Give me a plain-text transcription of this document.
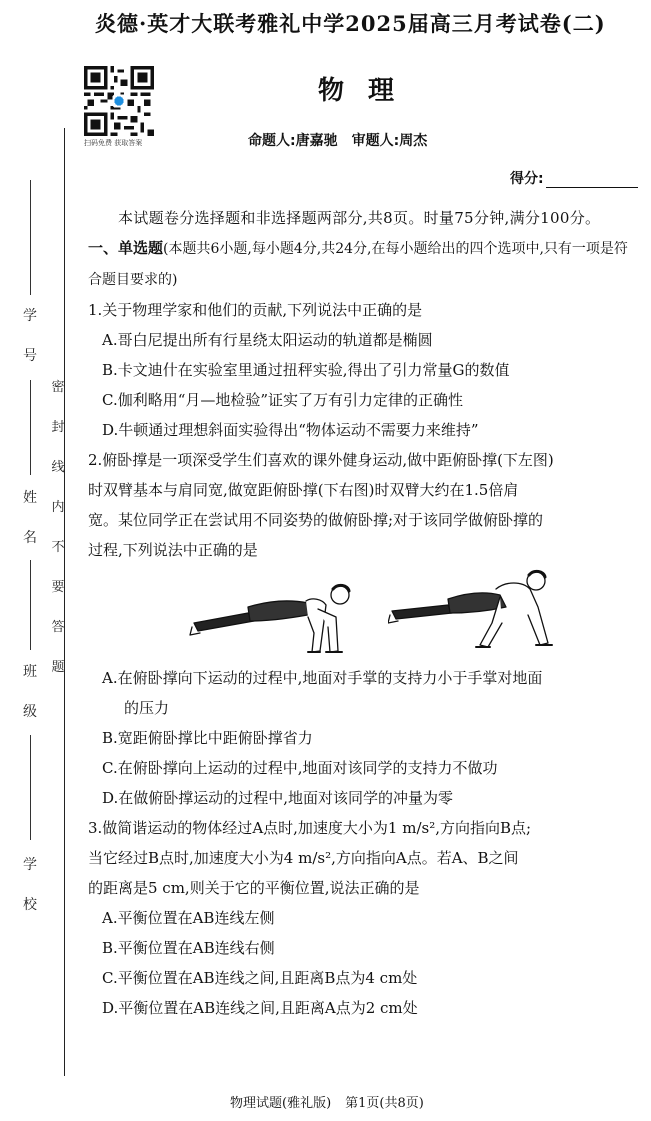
炎德·英才大联考雅礼中学2025届高三月考试卷(二)
扫码免费 获取答案
物理
命题人:唐嘉驰 审题人:周杰
得分:

本试题卷分选择题和非选择题两部分,共8页。时量75分钟,满分100分。

一、单选题(本题共6小题,每小题4分,共24分,在每小题给出的四个选项中,只有一项是符合题目要求的)

1.关于物理学家和他们的贡献,下列说法中正确的是

A.哥白尼提出所有行星绕太阳运动的轨道都是椭圆

B.卡文迪什在实验室里通过扭秤实验,得出了引力常量G的数值

C.伽利略用“月—地检验”证实了万有引力定律的正确性

D.牛顿通过理想斜面实验得出“物体运动不需要力来维持”

2.俯卧撑是一项深受学生们喜欢的课外健身运动,做中距俯卧撑(下左图)

时双臂基本与肩同宽,做宽距俯卧撑(下右图)时双臂大约在1.5倍肩

宽。某位同学正在尝试用不同姿势的做俯卧撑;对于该同学做俯卧撑的

过程,下列说法中正确的是

A.在俯卧撑向下运动的过程中,地面对手掌的支持力小于手掌对地面

的压力

B.宽距俯卧撑比中距俯卧撑省力

C.在俯卧撑向上运动的过程中,地面对该同学的支持力不做功

D.在做俯卧撑运动的过程中,地面对该同学的冲量为零

3.做简谐运动的物体经过A点时,加速度大小为1 m/s²,方向指向B点;

当它经过B点时,加速度大小为4 m/s²,方向指向A点。若A、B之间

的距离是5 cm,则关于它的平衡位置,说法正确的是

A.平衡位置在AB连线左侧

B.平衡位置在AB连线右侧

C.平衡位置在AB连线之间,且距离B点为4 cm处

D.平衡位置在AB连线之间,且距离A点为2 cm处

学号
姓名
班级
学校
密封线内不要答题
物理试题(雅礼版) 第1页(共8页)
